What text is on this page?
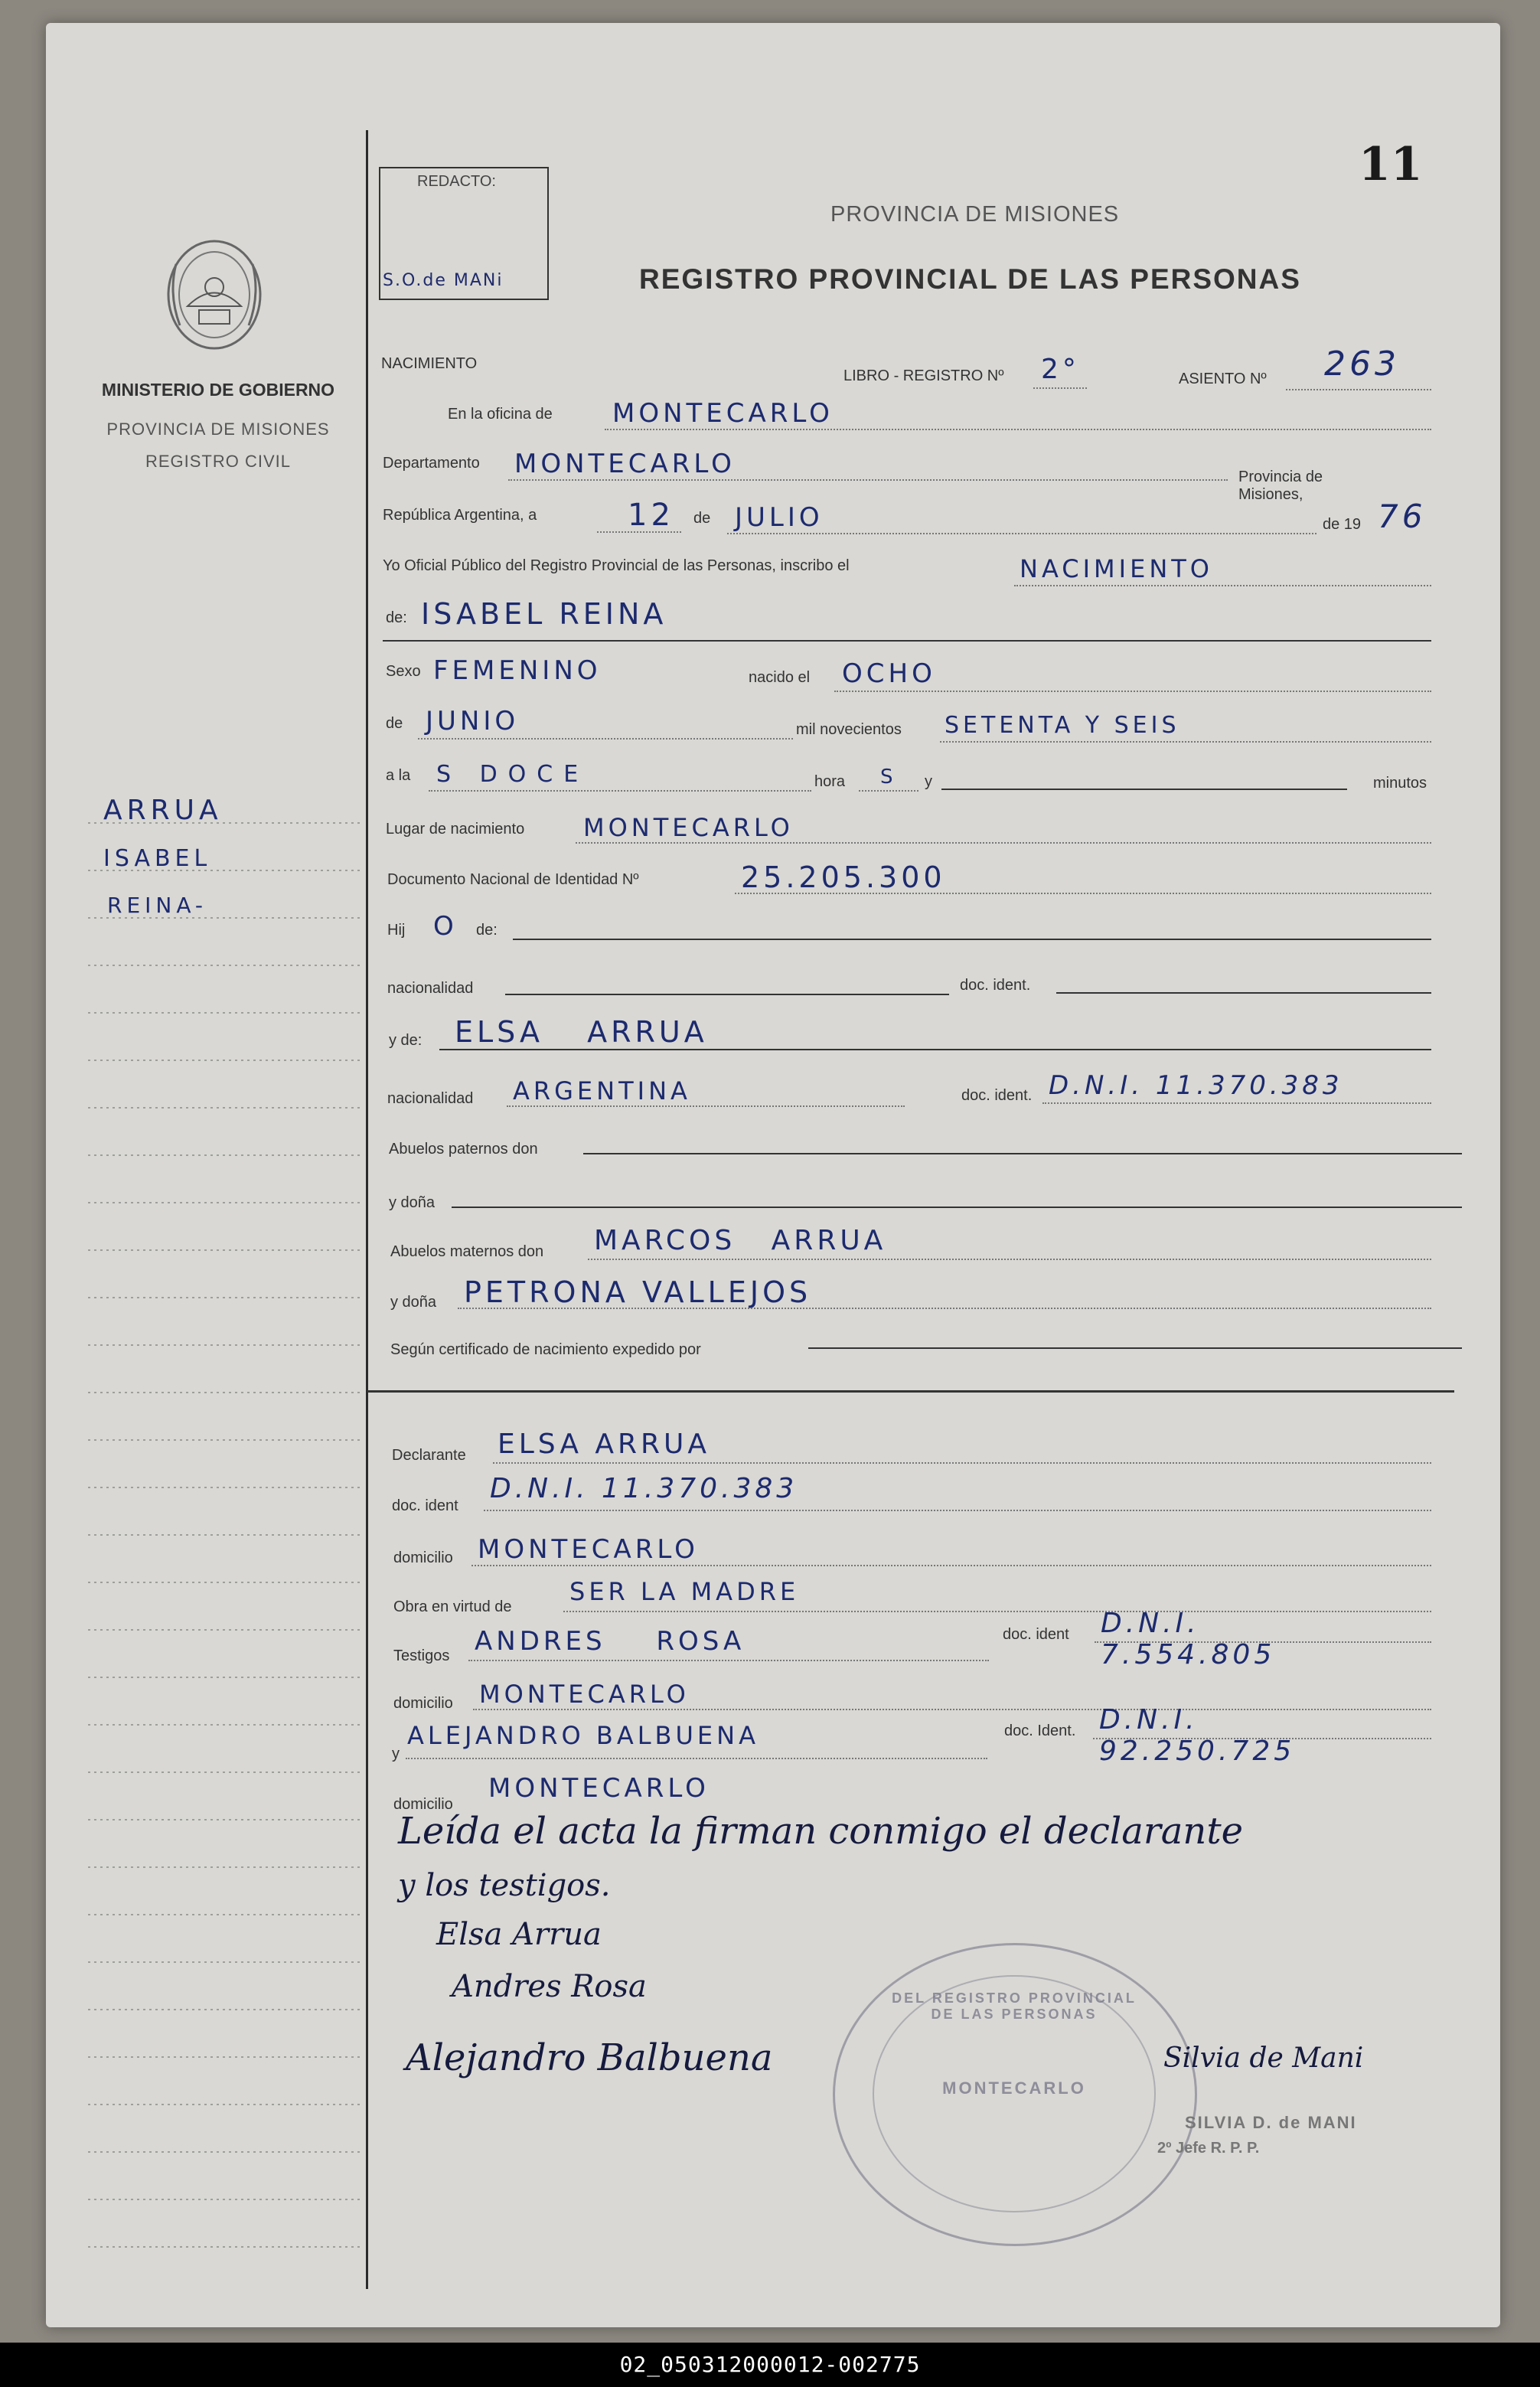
MINISTERIO DE GOBIERNO
PROVINCIA DE MISIONES
REGISTRO CIVIL
ARRUA
ISABEL
REINA-
REDACTO:
S.O.de MANi
11
PROVINCIA DE MISIONES
REGISTRO PROVINCIAL DE LAS PERSONAS
NACIMIENTO
LIBRO - REGISTRO Nº 2°	ASIENTO Nº 263
En la oficina de MONTECARLO
Departamento MONTECARLO	Provincia de Misiones,
República Argentina, a	12 de JULIO	de 19 76
Yo Oficial Público del Registro Provincial de las Personas, inscribo el	NACIMIENTO
de: ISABEL REINA
Sexo FEMENINO	nacido el OCHO
de JUNIO	mil novecientos SETENTA Y SEIS
a la S DOCE	hora S y	minutos
Lugar de nacimiento MONTECARLO
Documento Nacional de Identidad Nº	25.205.300
Hij O de:
nacionalidad	doc. ident.
y de: ELSA ARRUA
nacionalidad ARGENTINA	doc. ident. D.N.I. 11.370.383
Abuelos paternos don
y doña
Abuelos maternos don MARCOS ARRUA
y doña PETRONA VALLEJOS
Según certificado de nacimiento expedido por
Declarante ELSA ARRUA
doc. ident
D.N.I. 11.370.383
domicilio MONTECARLO
Obra en virtud de
SER LA MADRE
Testigos ANDRES ROSA	doc. ident D.N.I. 7.554.805
domicilio MONTECARLO
y
ALEJANDRO BALBUENA	doc. Ident. D.N.I. 92.250.725
domicilio
MONTECARLO
Leída el acta la firman conmigo el declarante
y los testigos.
Elsa Arrua
Andres Rosa
Alejandro Balbuena
DEL REGISTRO PROVINCIAL DE LAS PERSONAS
MONTECARLO
Silvia de Mani
SILVIA D. de MANI
2º Jefe R. P. P.
02_050312000012-002775
